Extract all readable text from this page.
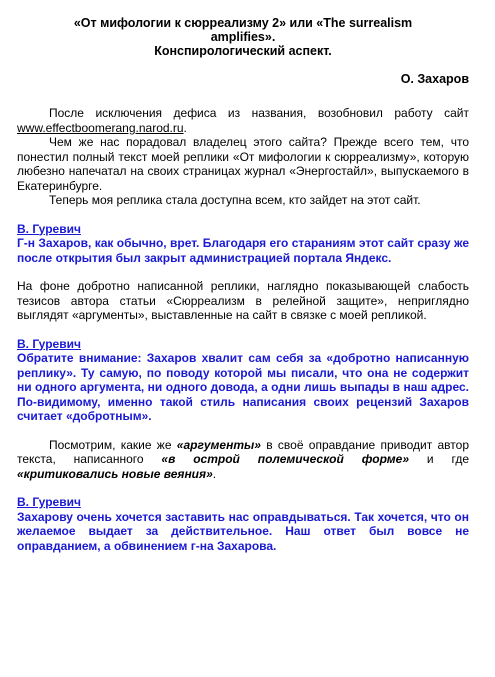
«От мифологии к сюрреализму 2» или «The surrealism
amplifies».
Конспирологический аспект.
О. Захаров

После исключения дефиса из названия, возобновил работу сайт www.effectboomerang.narod.ru.

Чем же нас порадовал владелец этого сайта? Прежде всего тем, что понестил полный текст моей реплики «От мифологии к сюрреализму», которую любезно напечатал на своих страницах журнал «Энергостайл», выпускаемого в Екатеринбурге.

Теперь моя реплика стала доступна всем, кто зайдет на этот сайт.

В. Гуревич
Г-н Захаров, как обычно, врет. Благодаря его стараниям этот сайт сразу же после открытия был закрыт администрацией портала Яндекс.

На фоне добротно написанной реплики, наглядно показывающей слабость тезисов автора статьи «Сюрреализм в релейной защите», неприглядно выглядят «аргументы», выставленные на сайт в связке с моей репликой.

В. Гуревич
Обратите внимание: Захаров хвалит сам себя за «добротно написанную реплику». Ту самую, по поводу которой мы писали, что она не содержит ни одного аргумента, ни одного довода, а одни лишь выпады в наш адрес. По-видимому, именно такой стиль написания своих рецензий Захаров считает «добротным».

Посмотрим, какие же «аргументы» в своё оправдание приводит автор текста, написанного «в острой полемической форме» и где «критиковались новые веяния».

В. Гуревич
Захарову очень хочется заставить нас оправдываться. Так хочется, что он желаемое выдает за действительное. Наш ответ был вовсе не оправданием, а обвинением г-на Захарова.
